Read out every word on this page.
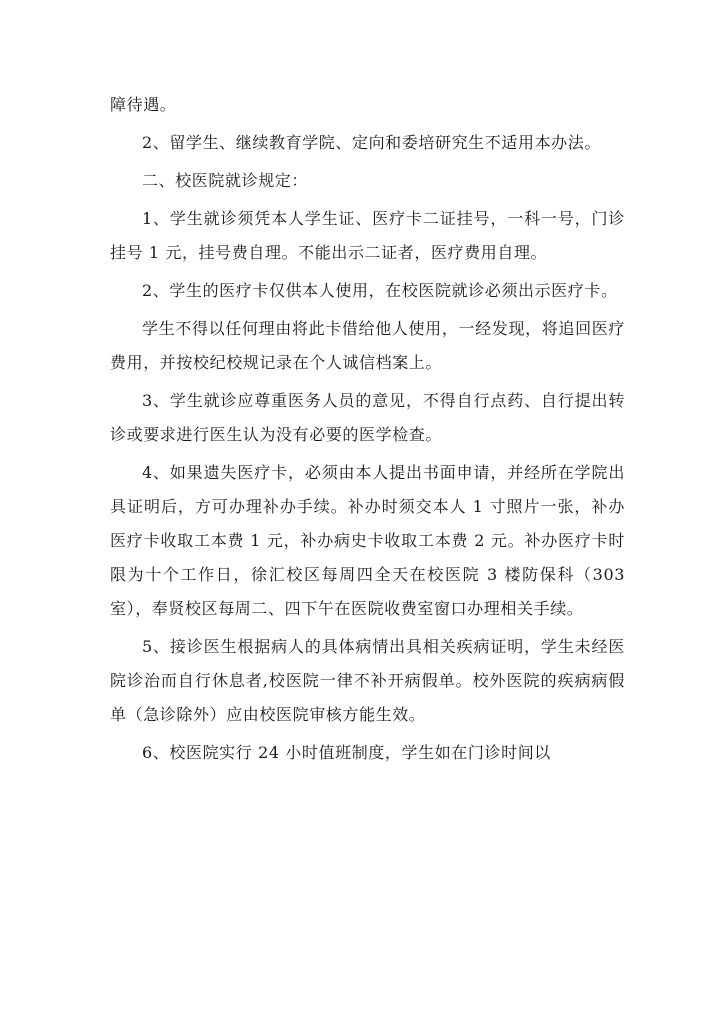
障待遇。

2、留学生、继续教育学院、定向和委培研究生不适用本办法。

二、校医院就诊规定：

1、学生就诊须凭本人学生证、医疗卡二证挂号，一科一号，门诊挂号 1 元，挂号费自理。不能出示二证者，医疗费用自理。

2、学生的医疗卡仅供本人使用，在校医院就诊必须出示医疗卡。

学生不得以任何理由将此卡借给他人使用，一经发现，将追回医疗费用，并按校纪校规记录在个人诚信档案上。

3、学生就诊应尊重医务人员的意见，不得自行点药、自行提出转诊或要求进行医生认为没有必要的医学检查。

4、如果遗失医疗卡，必须由本人提出书面申请，并经所在学院出具证明后，方可办理补办手续。补办时须交本人 1 寸照片一张，补办医疗卡收取工本费 1 元，补办病史卡收取工本费 2 元。补办医疗卡时限为十个工作日，徐汇校区每周四全天在校医院 3 楼防保科（303 室），奉贤校区每周二、四下午在医院收费室窗口办理相关手续。

5、接诊医生根据病人的具体病情出具相关疾病证明，学生未经医院诊治而自行休息者,校医院一律不补开病假单。校外医院的疾病病假单（急诊除外）应由校医院审核方能生效。

6、校医院实行 24 小时值班制度，学生如在门诊时间以
